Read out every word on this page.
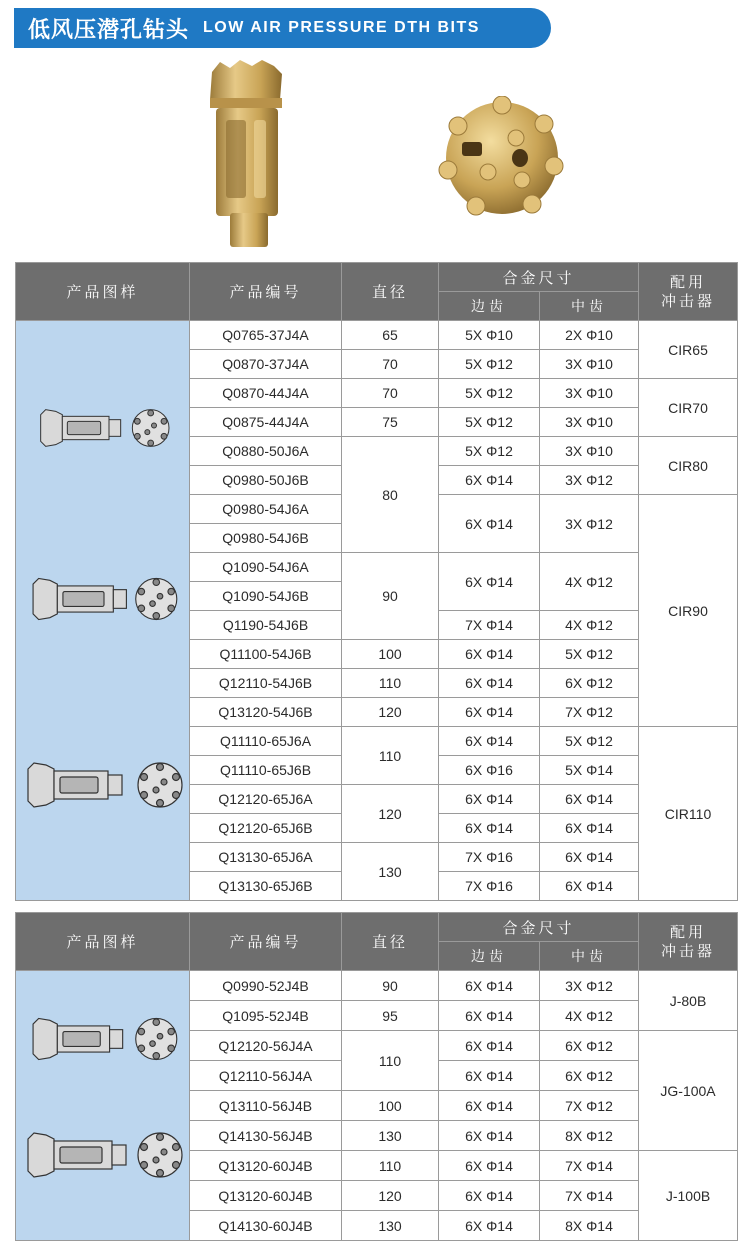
低风压潜孔钻头 LOW AIR PRESSURE DTH BITS
产品图样	产品编号	直径	合金尺寸		配用
冲击器

			边齿	中齿	

	Q0765-37J4A	65	5X Φ10	2X Φ10	CIR65
	Q0870-37J4A	70	5X Φ12	3X Φ10	
	Q0870-44J4A	70	5X Φ12	3X Φ10	CIR70
	Q0875-44J4A	75	5X Φ12	3X Φ10	
	Q0880-50J6A	80	5X Φ12	3X Φ10	CIR80
	Q0980-50J6B		6X Φ14	3X Φ12	
	Q0980-54J6A		6X Φ14	3X Φ12	CIR90
	Q0980-54J6B				
	Q1090-54J6A	90	6X Φ14	4X Φ12	
	Q1090-54J6B				
	Q1190-54J6B		7X Φ14	4X Φ12	
	Q11100-54J6B	100	6X Φ14	5X Φ12	
	Q12110-54J6B	110	6X Φ14	6X Φ12	
	Q13120-54J6B	120	6X Φ14	7X Φ12	
	Q11110-65J6A	110	6X Φ14	5X Φ12	CIR110
	Q11110-65J6B		6X Φ16	5X Φ14	
	Q12120-65J6A	120	6X Φ14	6X Φ14	
	Q12120-65J6B		6X Φ14	6X Φ14	
	Q13130-65J6A	130	7X Φ16	6X Φ14	
	Q13130-65J6B		7X Φ16	6X Φ14	
产品图样	产品编号	直径	合金尺寸		配用
冲击器

			边齿	中齿	

	Q0990-52J4B	90	6X Φ14	3X Φ12	J-80B
	Q1095-52J4B	95	6X Φ14	4X Φ12	
	Q12120-56J4A	110	6X Φ14	6X Φ12	JG-100A
	Q12110-56J4A		6X Φ14	6X Φ12	
	Q13110-56J4B	100	6X Φ14	7X Φ12	
	Q14130-56J4B	130	6X Φ14	8X Φ12	
	Q13120-60J4B	110	6X Φ14	7X Φ14	J-100B
	Q13120-60J4B	120	6X Φ14	7X Φ14	
	Q14130-60J4B	130	6X Φ14	8X Φ14	
